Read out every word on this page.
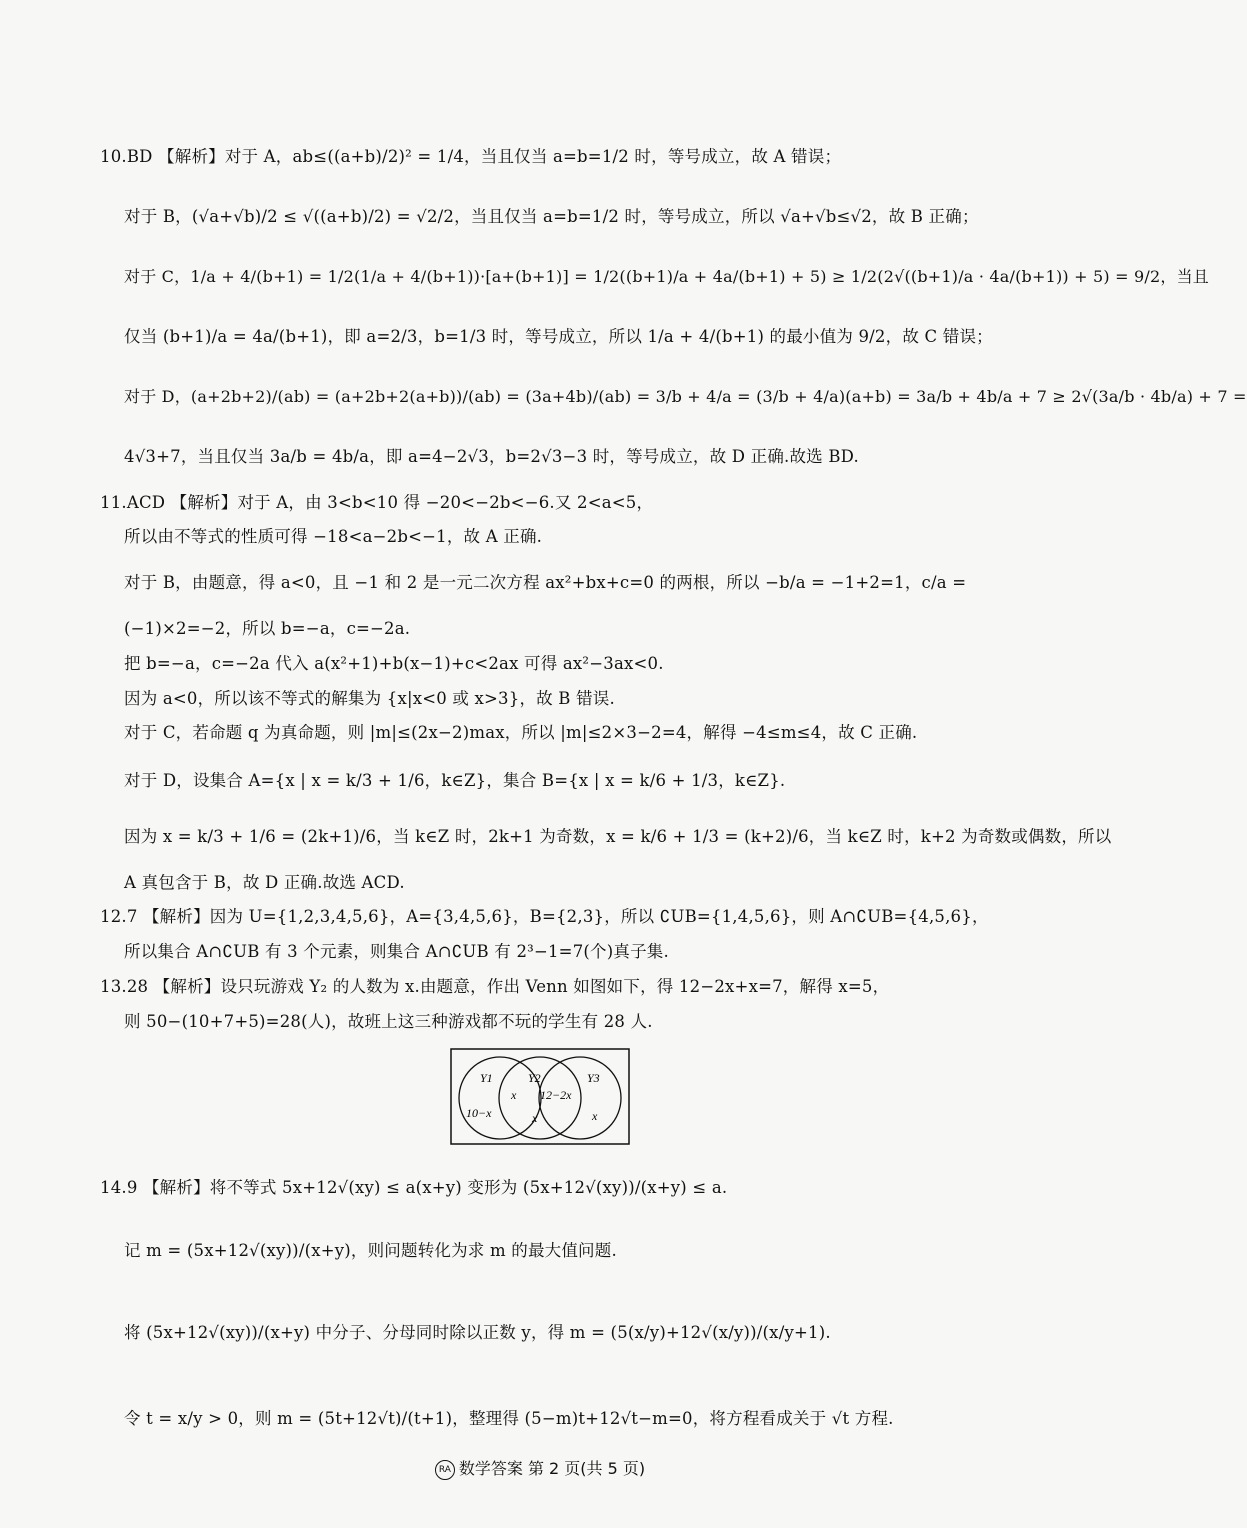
10.BD 【解析】对于 A，ab≤((a+b)/2)² = 1/4，当且仅当 a=b=1/2 时，等号成立，故 A 错误；
对于 B，(√a+√b)/2 ≤ √((a+b)/2) = √2/2，当且仅当 a=b=1/2 时，等号成立，所以 √a+√b≤√2，故 B 正确；
对于 C，1/a + 4/(b+1) = 1/2(1/a + 4/(b+1))·[a+(b+1)] = 1/2((b+1)/a + 4a/(b+1) + 5) ≥ 1/2(2√((b+1)/a · 4a/(b+1)) + 5) = 9/2，当且
仅当 (b+1)/a = 4a/(b+1)，即 a=2/3，b=1/3 时，等号成立，所以 1/a + 4/(b+1) 的最小值为 9/2，故 C 错误；
对于 D，(a+2b+2)/(ab) = (a+2b+2(a+b))/(ab) = (3a+4b)/(ab) = 3/b + 4/a = (3/b + 4/a)(a+b) = 3a/b + 4b/a + 7 ≥ 2√(3a/b · 4b/a) + 7 =
4√3+7，当且仅当 3a/b = 4b/a，即 a=4−2√3，b=2√3−3 时，等号成立，故 D 正确.故选 BD.
11.ACD 【解析】对于 A，由 3<b<10 得 −20<−2b<−6.又 2<a<5，
所以由不等式的性质可得 −18<a−2b<−1，故 A 正确.
对于 B，由题意，得 a<0，且 −1 和 2 是一元二次方程 ax²+bx+c=0 的两根，所以 −b/a = −1+2=1，c/a =
(−1)×2=−2，所以 b=−a，c=−2a.
把 b=−a，c=−2a 代入 a(x²+1)+b(x−1)+c<2ax 可得 ax²−3ax<0.
因为 a<0，所以该不等式的解集为 {x|x<0 或 x>3}，故 B 错误.
对于 C，若命题 q 为真命题，则 |m|≤(2x−2)max，所以 |m|≤2×3−2=4，解得 −4≤m≤4，故 C 正确.
对于 D，设集合 A={x | x = k/3 + 1/6，k∈Z}，集合 B={x | x = k/6 + 1/3，k∈Z}.
因为 x = k/3 + 1/6 = (2k+1)/6，当 k∈Z 时，2k+1 为奇数，x = k/6 + 1/3 = (k+2)/6，当 k∈Z 时，k+2 为奇数或偶数，所以
A 真包含于 B，故 D 正确.故选 ACD.
12.7 【解析】因为 U={1,2,3,4,5,6}，A={3,4,5,6}，B={2,3}，所以 ∁UB={1,4,5,6}，则 A∩∁UB={4,5,6}，
所以集合 A∩∁UB 有 3 个元素，则集合 A∩∁UB 有 2³−1=7(个)真子集.
13.28 【解析】设只玩游戏 Y₂ 的人数为 x.由题意，作出 Venn 如图如下，得 12−2x+x=7，解得 x=5，
则 50−(10+7+5)=28(人)，故班上这三种游戏都不玩的学生有 28 人.
Y1	Y2	Y3
10−x
x
x
12−2x
x
14.9 【解析】将不等式 5x+12√(xy) ≤ a(x+y) 变形为 (5x+12√(xy))/(x+y) ≤ a.
记 m = (5x+12√(xy))/(x+y)，则问题转化为求 m 的最大值问题.
将 (5x+12√(xy))/(x+y) 中分子、分母同时除以正数 y，得 m = (5(x/y)+12√(x/y))/(x/y+1).
令 t = x/y > 0，则 m = (5t+12√t)/(t+1)，整理得 (5−m)t+12√t−m=0，将方程看成关于 √t 方程.
RA 数学答案 第 2 页(共 5 页)
